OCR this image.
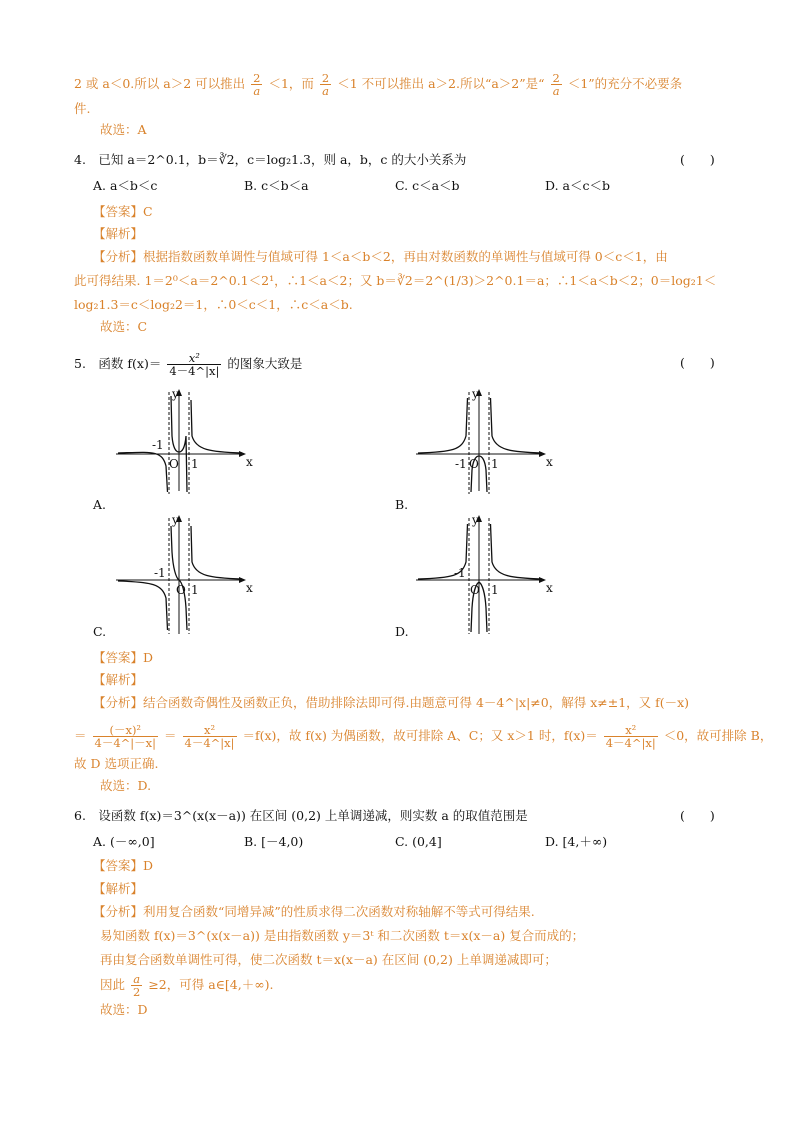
2 或 a＜0.所以 a＞2 可以推出 $\frac{2}{a} <1$，而 $\frac{2}{a} <1$ 不可以推出 a＞2.所以“a＞2”是“ $\frac{2}{a} <1$”的充分不必要条
件.
故选：A
4.　已知 a＝2^0.1，b＝∛2，c＝log₂1.3，则 a，b，c 的大小关系为	(　　)
A. a＜b＜c	B. c＜b＜a	C. c＜a＜b	D. a＜c＜b
【答案】C
【解析】
【分析】根据指数函数单调性与值域可得 1＜a＜b＜2，再由对数函数的单调性与值域可得 0＜c＜1，由
此可得结果. 1＝2⁰＜a＝2^0.1＜2¹，∴1＜a＜2；又 b＝∛2＝2^(1/3)＞2^0.1＝a；∴1＜a＜b＜2；0＝log₂1＜
log₂1.3＝c＜log₂2＝1，∴0＜c＜1，∴c＜a＜b.
故选：C
5.　函数 $f(x)= \frac{\text{x²}}{4-4\^{}|x|}$ 的图象大致是	(　　)
y
x
-1
O 1
A.
y
x
-1 O 1
B.
y
x
-1
O 1
C.
y
x
-1
O 1
D.
【答案】D
【解析】
【分析】结合函数奇偶性及函数正负，借助排除法即可得.由题意可得 4－4^|x|≠0，解得 x≠±1，又 f(－x)
＝ $\frac{\text{(－x)²}}{4-4\^{}|-x|} = \frac{\text{x²}}{4-4\^{}|x|} =f(x)$，故 f(x) 为偶函数，故可排除 A、C；又 x＞1 时，$f(x)= \frac{\text{x²}}{4-4\^{}|x|} <0$，故可排除 B，
故 D 选项正确.
故选：D.
6.　设函数 f(x)＝3^(x(x－a)) 在区间 (0,2) 上单调递减，则实数 a 的取值范围是	(　　)
A. (－∞,0]	B. [－4,0)	C. (0,4]	D. [4,＋∞)
【答案】D
【解析】
【分析】利用复合函数“同增异减”的性质求得二次函数对称轴解不等式可得结果.
易知函数 f(x)＝3^(x(x－a)) 是由指数函数 y＝3ᵗ 和二次函数 t＝x(x－a) 复合而成的；
再由复合函数单调性可得，使二次函数 t＝x(x－a) 在区间 (0,2) 上单调递减即可；
因此 $\frac{a}{2} \ge 2$，可得 a∈[4,＋∞).
故选：D
